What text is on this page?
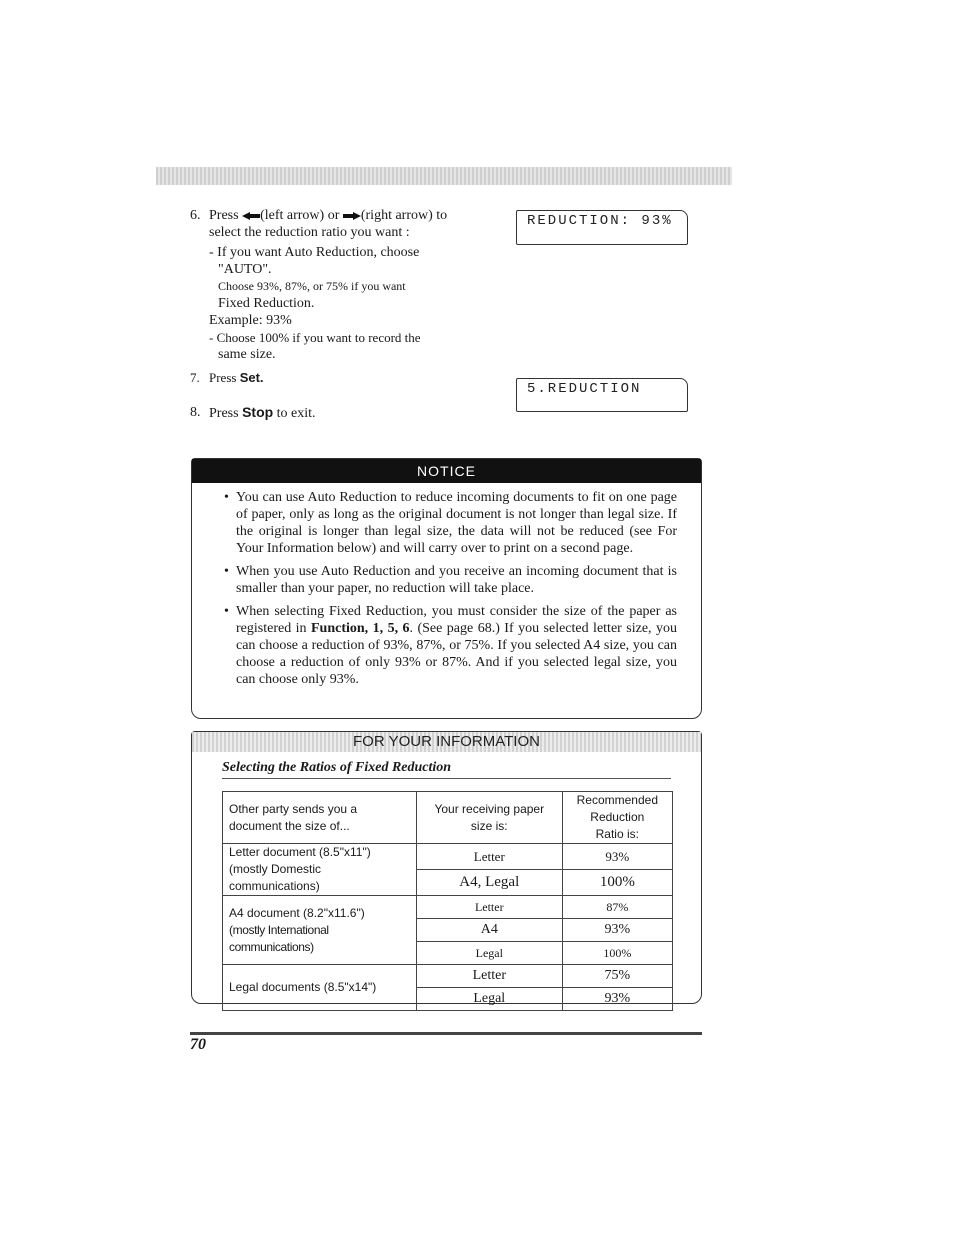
6. Press (left arrow) or (right arrow) to
select the reduction ratio you want :
- If you want Auto Reduction, choose
"AUTO".
Choose 93%, 87%, or 75% if you want
Fixed Reduction.
Example: 93%
- Choose 100% if you want to record the
same size.
7. Press Set.
8. Press Stop to exit.
REDUCTION: 93%
5.REDUCTION
NOTICE
• You can use Auto Reduction to reduce incoming documents to fit on one page of paper, only as long as the original document is not longer than legal size. If the original is longer than legal size, the data will not be reduced (see For Your Information below) and will carry over to print on a second page.
• When you use Auto Reduction and you receive an incoming document that is smaller than your paper, no reduction will take place.
• When selecting Fixed Reduction, you must consider the size of the paper as registered in Function, 1, 5, 6. (See page 68.) If you selected letter size, you can choose a reduction of 93%, 87%, or 75%. If you selected A4 size, you can choose a reduction of only 93% or 87%. And if you selected legal size, you can choose only 93%.
FOR YOUR INFORMATION
Selecting the Ratios of Fixed Reduction
Other party sends you a document the size of...	Your receiving paper size is:	Recommended Reduction Ratio is:

Letter document (8.5"x11")
(mostly Domestic communications)	Letter	93%
	A4, Legal	100%

A4 document (8.2"x11.6")
(mostly International communications)	Letter	87%
	A4	93%
	Legal	100%

Legal documents (8.5"x14")	Letter	75%
	Legal	93%
70
